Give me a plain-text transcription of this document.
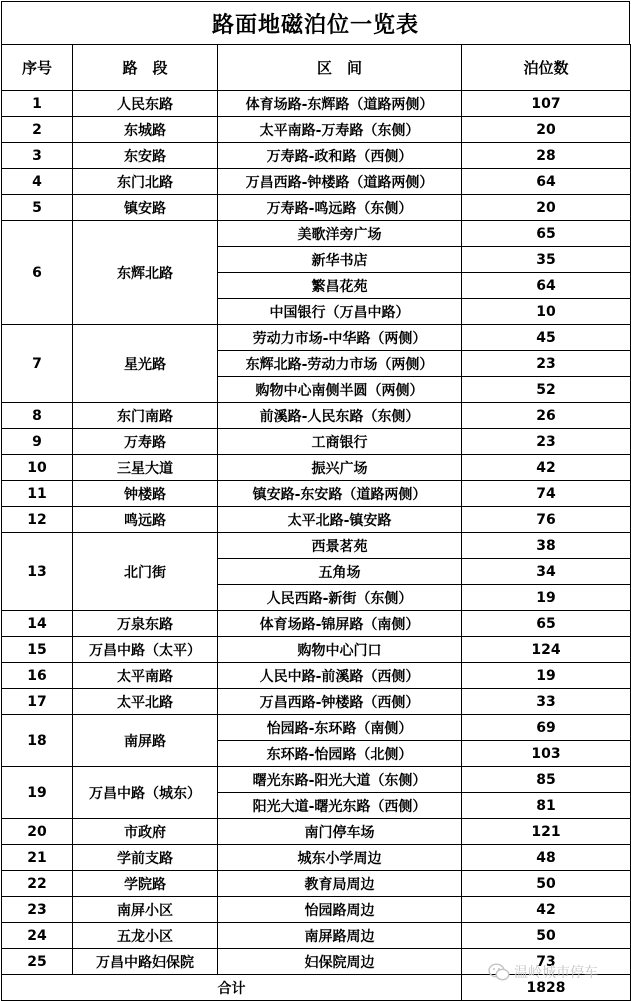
路面地磁泊位一览表
序号	路　段	区　间	泊位数
1	人民东路	体育场路-东辉路（道路两侧）	107
2	东城路	太平南路-万寿路（东侧）	20
3	东安路	万寿路-政和路（西侧）	28
4	东门北路	万昌西路-钟楼路（道路两侧）	64
5	镇安路	万寿路-鸣远路（东侧）	20
6	东辉北路	美歌洋旁广场	65
		新华书店	35
		繁昌花苑	64
		中国银行（万昌中路）	10
7	星光路	劳动力市场-中华路（两侧）	45
		东辉北路-劳动力市场（两侧）	23
		购物中心南侧半圆（两侧）	52
8	东门南路	前溪路-人民东路（东侧）	26
9	万寿路	工商银行	23
10	三星大道	振兴广场	42
11	钟楼路	镇安路-东安路（道路两侧）	74
12	鸣远路	太平北路-镇安路	76
13	北门街	西景茗苑	38
		五角场	34
		人民西路-新街（东侧）	19
14	万泉东路	体育场路-锦屏路（南侧）	65
15	万昌中路（太平）	购物中心门口	124
16	太平南路	人民中路-前溪路（西侧）	19
17	太平北路	万昌西路-钟楼路（西侧）	33
18	南屏路	怡园路-东环路（南侧）	69
		东环路-怡园路（北侧）	103
19	万昌中路（城东）	曙光东路-阳光大道（东侧）	85
		阳光大道-曙光东路（西侧）	81
20	市政府	南门停车场	121
21	学前支路	城东小学周边	48
22	学院路	教育局周边	50
23	南屏小区	怡园路周边	42
24	五龙小区	南屏路周边	50
25	万昌中路妇保院	妇保院周边	73
合计			1828
温岭城市停车
